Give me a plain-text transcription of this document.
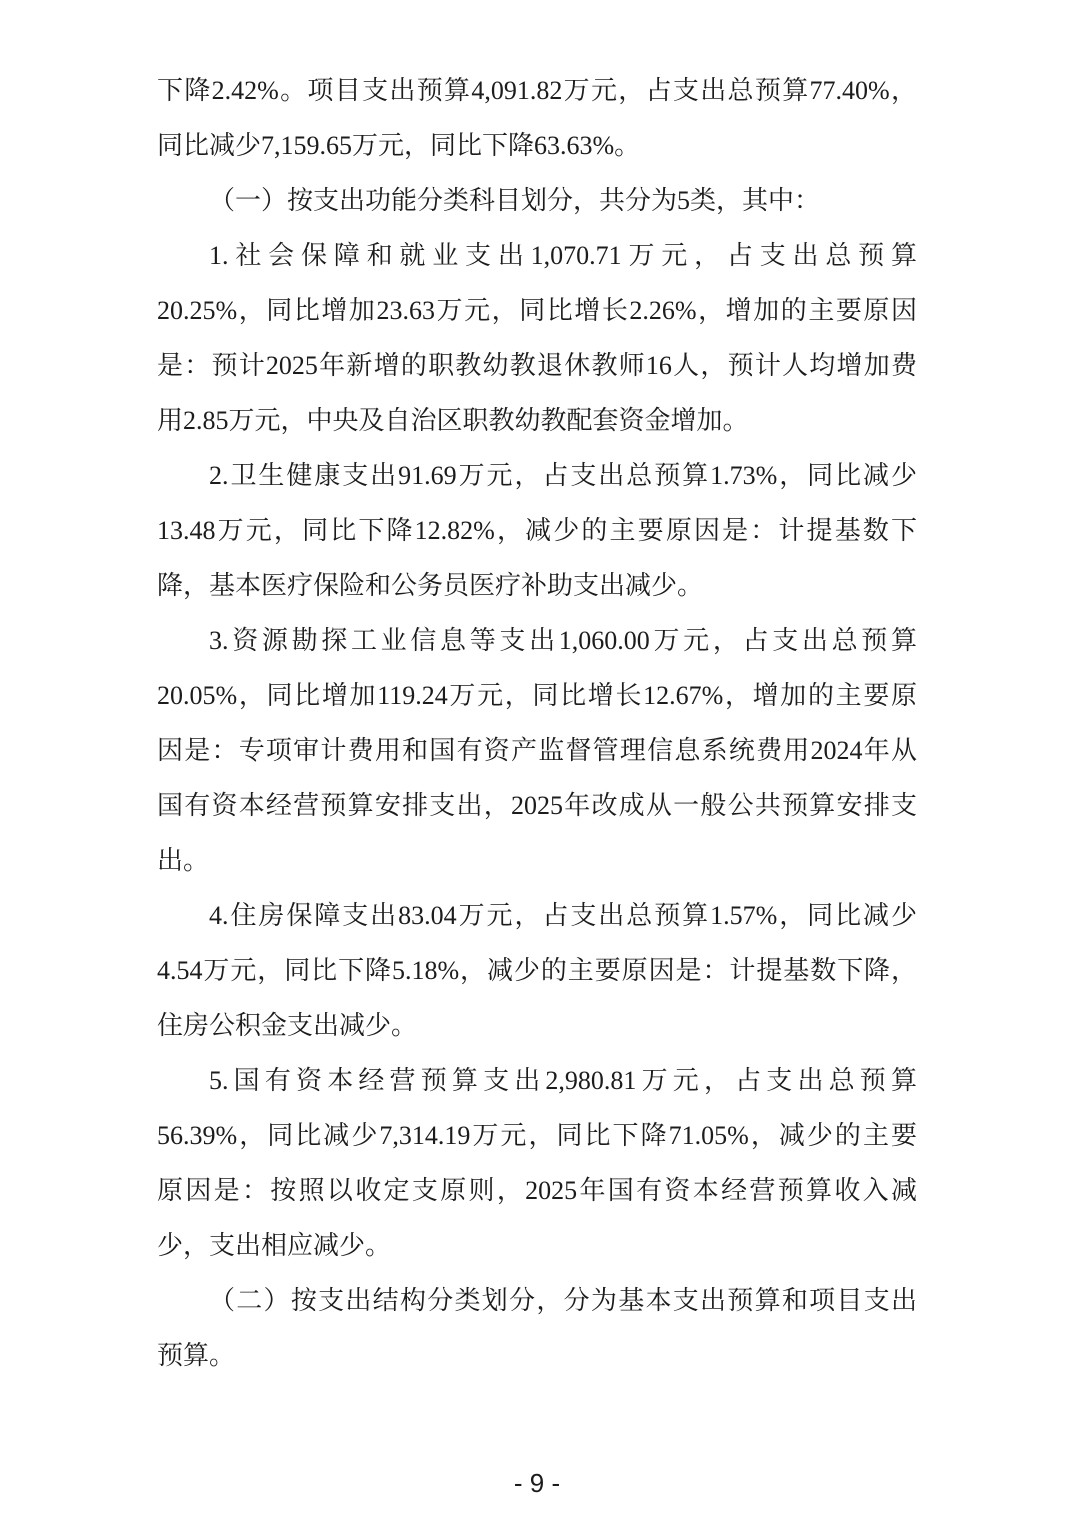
下降2.42%。项目支出预算4,091.82万元，占支出总预算77.40%，
同比减少7,159.65万元，同比下降63.63%。
（一）按支出功能分类科目划分，共分为5类，其中：
1.社会保障和就业支出1,070.71万元，占支出总预算
20.25%，同比增加23.63万元，同比增长2.26%，增加的主要原因
是：预计2025年新增的职教幼教退休教师16人，预计人均增加费
用2.85万元，中央及自治区职教幼教配套资金增加。
2.卫生健康支出91.69万元，占支出总预算1.73%，同比减少
13.48万元，同比下降12.82%，减少的主要原因是：计提基数下
降，基本医疗保险和公务员医疗补助支出减少。
3.资源勘探工业信息等支出1,060.00万元，占支出总预算
20.05%，同比增加119.24万元，同比增长12.67%，增加的主要原
因是：专项审计费用和国有资产监督管理信息系统费用2024年从
国有资本经营预算安排支出，2025年改成从一般公共预算安排支
出。
4.住房保障支出83.04万元，占支出总预算1.57%，同比减少
4.54万元，同比下降5.18%，减少的主要原因是：计提基数下降，
住房公积金支出减少。
5.国有资本经营预算支出2,980.81万元，占支出总预算
56.39%，同比减少7,314.19万元，同比下降71.05%，减少的主要
原因是：按照以收定支原则，2025年国有资本经营预算收入减
少，支出相应减少。
（二）按支出结构分类划分，分为基本支出预算和项目支出
预算。
- 9 -
